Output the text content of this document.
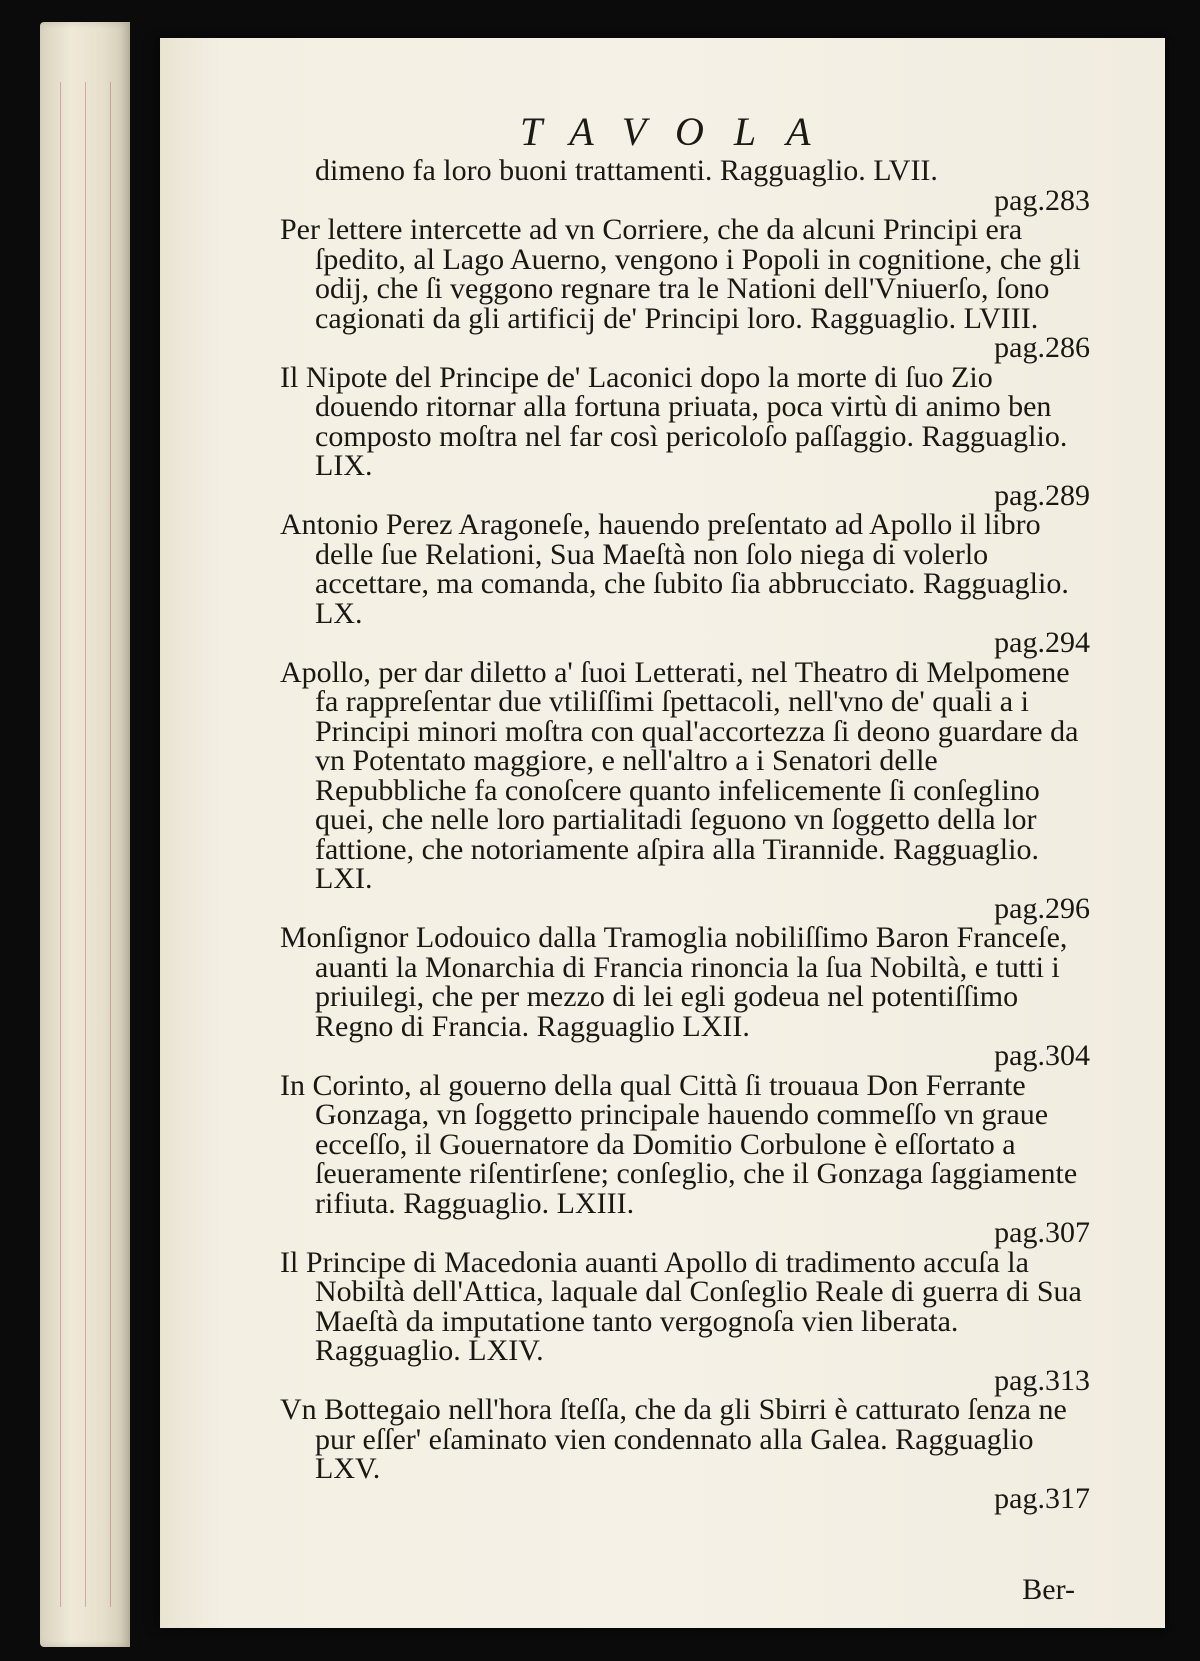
TAVOLA

dimeno fa loro buoni trattamenti. Ragguaglio. LVII.
pag.283

Per lettere intercette ad vn Corriere, che da alcuni Principi era ſpedito, al Lago Auerno, vengono i Popoli in cognitione, che gli odij, che ſi veggono regnare tra le Nationi dell'Vniuerſo, ſono cagionati da gli artificij de' Principi loro. Ragguaglio. LVIII.
pag.286

Il Nipote del Principe de' Laconici dopo la morte di ſuo Zio douendo ritornar alla fortuna priuata, poca virtù di animo ben composto moſtra nel far così pericoloſo paſſaggio. Ragguaglio. LIX.
pag.289

Antonio Perez Aragoneſe, hauendo preſentato ad Apollo il libro delle ſue Relationi, Sua Maeſtà non ſolo niega di volerlo accettare, ma comanda, che ſubito ſia abbrucciato. Ragguaglio. LX.
pag.294

Apollo, per dar diletto a' ſuoi Letterati, nel Theatro di Melpomene fa rappreſentar due vtiliſſimi ſpettacoli, nell'vno de' quali a i Principi minori moſtra con qual'accortezza ſi deono guardare da vn Potentato maggiore, e nell'altro a i Senatori delle Repubbliche fa conoſcere quanto infelicemente ſi conſeglino quei, che nelle loro partialitadi ſeguono vn ſoggetto della lor fattione, che notoriamente aſpira alla Tirannide. Ragguaglio. LXI.
pag.296

Monſignor Lodouico dalla Tramoglia nobiliſſimo Baron Franceſe, auanti la Monarchia di Francia rinoncia la ſua Nobiltà, e tutti i priuilegi, che per mezzo di lei egli godeua nel potentiſſimo Regno di Francia. Ragguaglio LXII.
pag.304

In Corinto, al gouerno della qual Città ſi trouaua Don Ferrante Gonzaga, vn ſoggetto principale hauendo commeſſo vn graue ecceſſo, il Gouernatore da Domitio Corbulone è eſſortato a ſeueramente riſentirſene; conſeglio, che il Gonzaga ſaggiamente rifiuta. Ragguaglio. LXIII.
pag.307

Il Principe di Macedonia auanti Apollo di tradimento accuſa la Nobiltà dell'Attica, laquale dal Conſeglio Reale di guerra di Sua Maeſtà da imputatione tanto vergognoſa vien liberata. Ragguaglio. LXIV.
pag.313

Vn Bottegaio nell'hora ſteſſa, che da gli Sbirri è catturato ſenza ne pur eſſer' eſaminato vien condennato alla Galea. Ragguaglio LXV.
pag.317

Ber-
